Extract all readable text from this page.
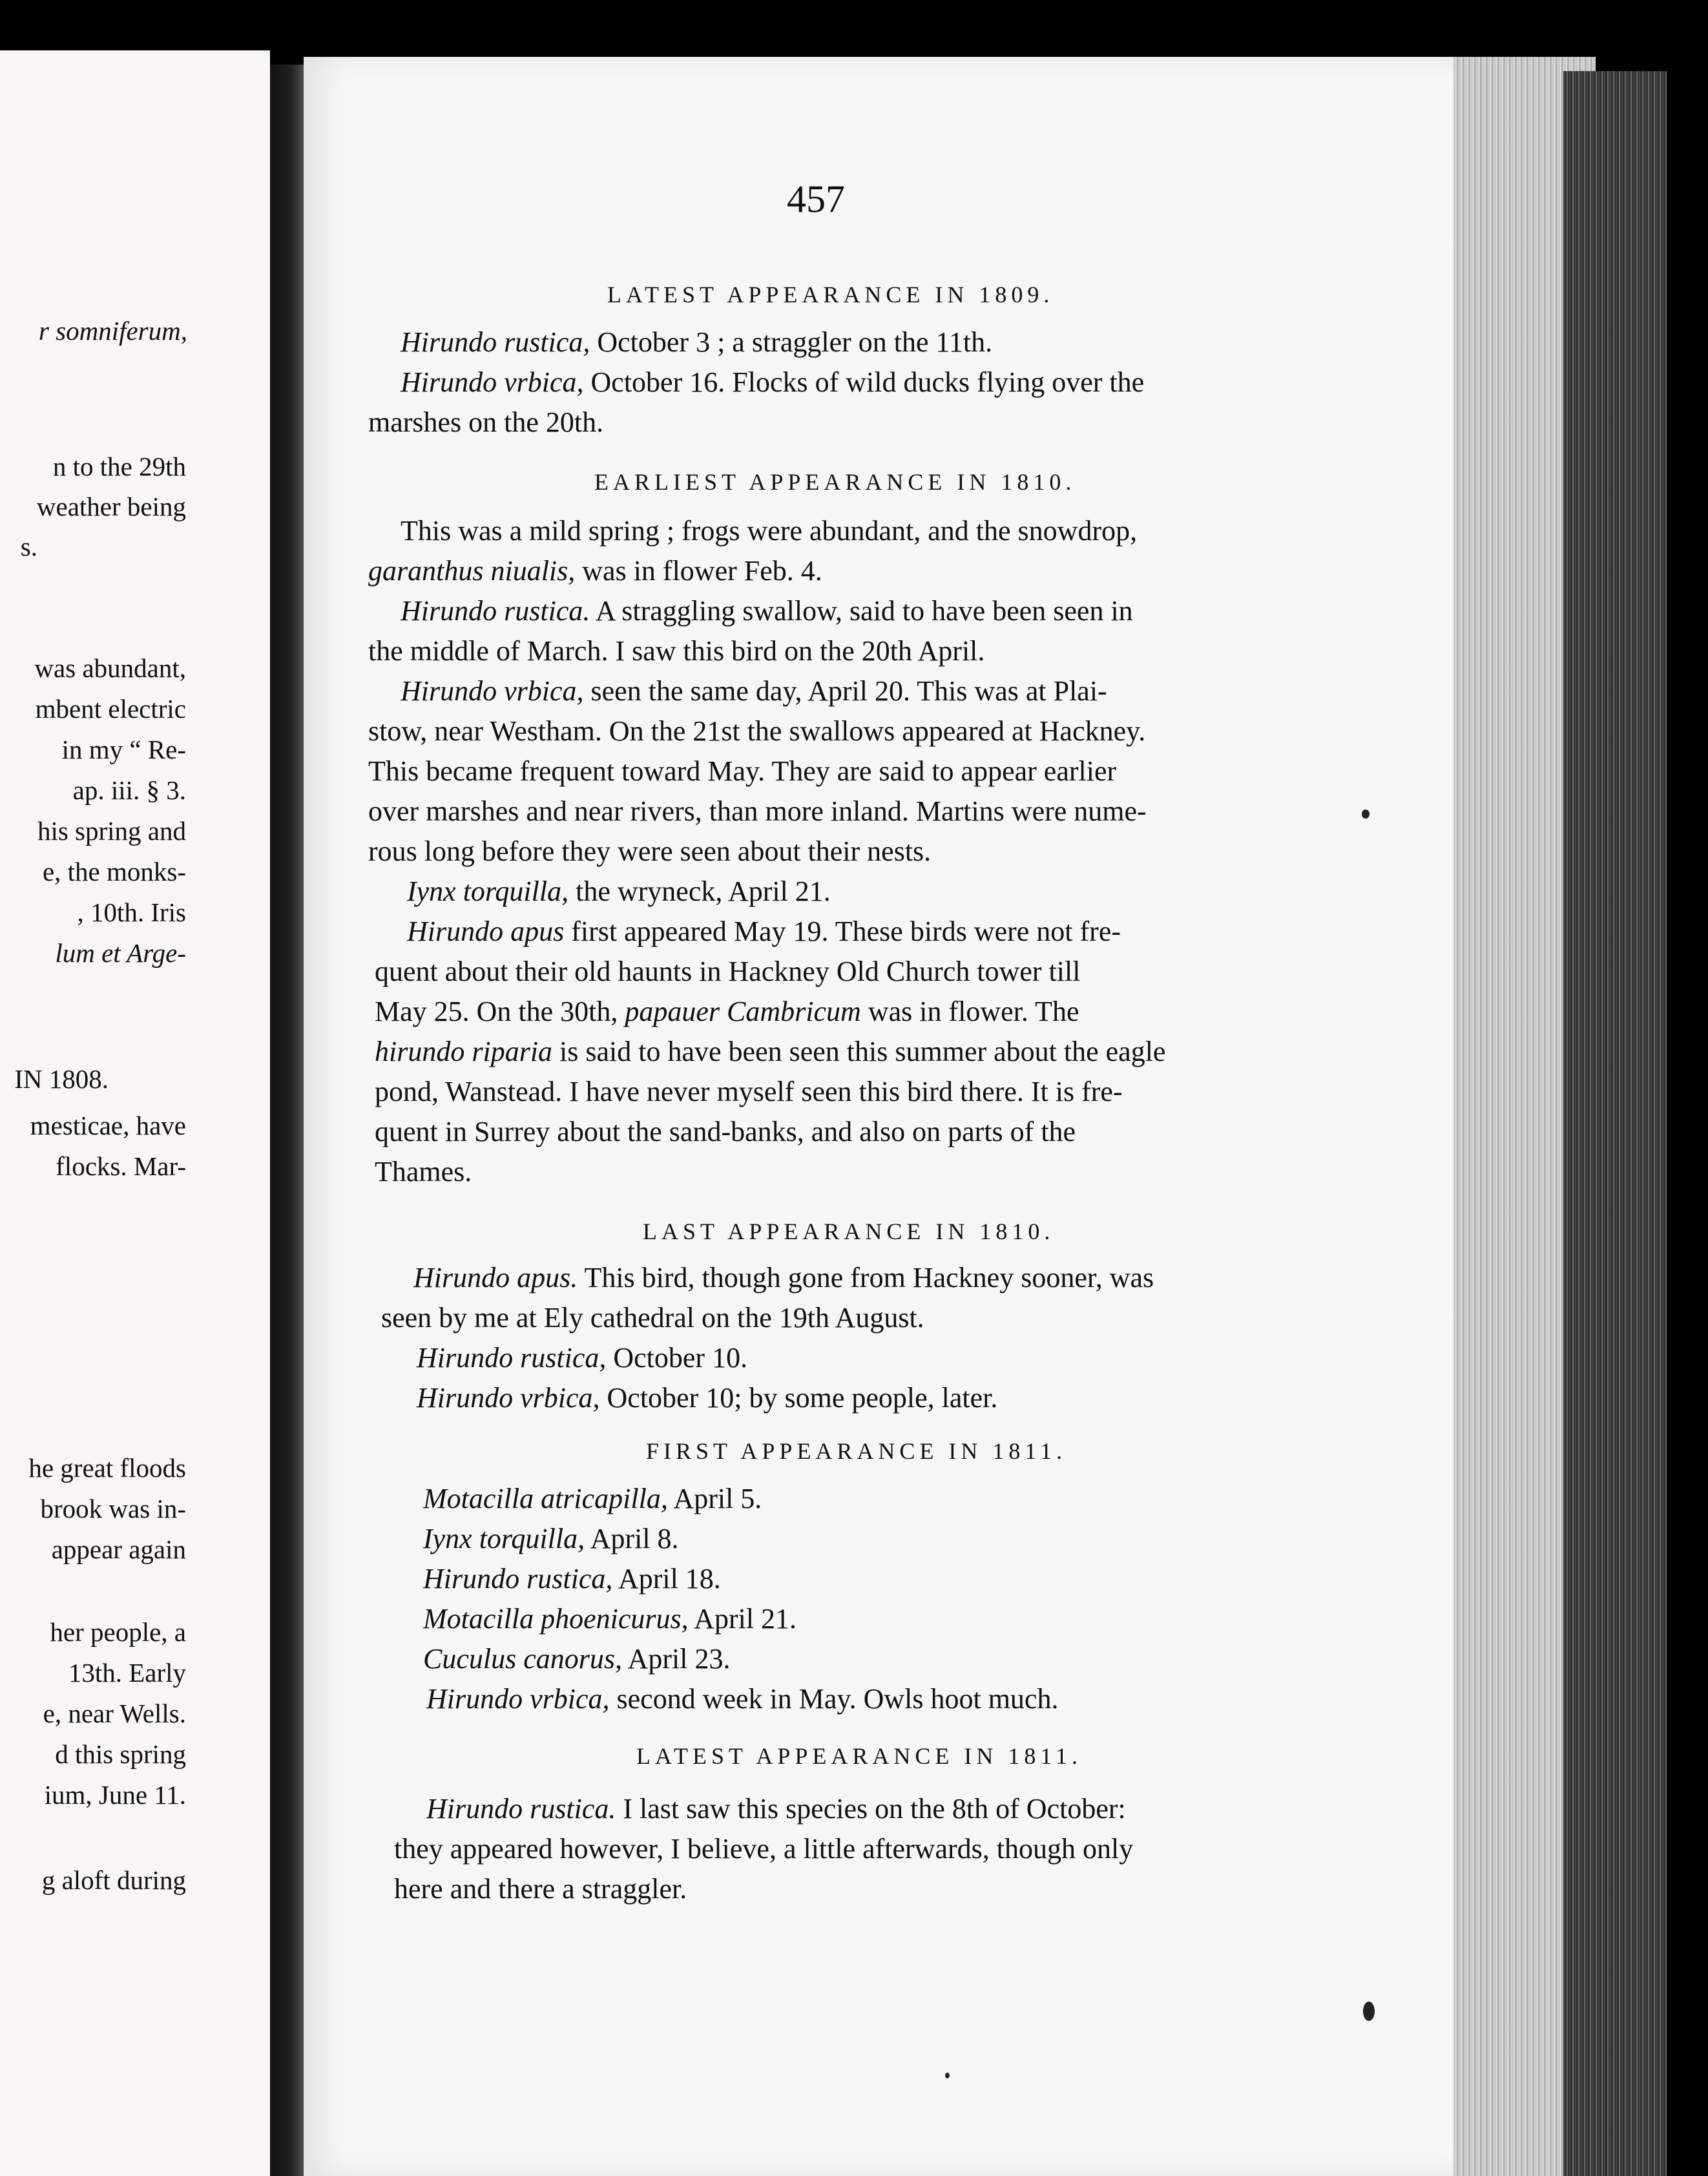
r somniferum,
n to the 29th
weather being
s.
was abundant,
mbent electric
in my “ Re-
ap. iii. § 3.
his spring and
e, the monks-
, 10th. Iris
lum et Arge-
IN 1808.
mesticae, have
flocks. Mar-
he great floods
brook was in-
appear again
her people, a
13th. Early
e, near Wells.
d this spring
ium, June 11.
g aloft during
457
LATEST APPEARANCE IN 1809.
Hirundo rustica, October 3 ; a straggler on the 11th.
Hirundo vrbica, October 16. Flocks of wild ducks flying over the
marshes on the 20th.
EARLIEST APPEARANCE IN 1810.
This was a mild spring ; frogs were abundant, and the snowdrop,
garanthus niualis, was in flower Feb. 4.
Hirundo rustica. A straggling swallow, said to have been seen in
the middle of March. I saw this bird on the 20th April.
Hirundo vrbica, seen the same day, April 20. This was at Plai-
stow, near Westham. On the 21st the swallows appeared at Hackney.
This became frequent toward May. They are said to appear earlier
over marshes and near rivers, than more inland. Martins were nume-
rous long before they were seen about their nests.
Iynx torquilla, the wryneck, April 21.
Hirundo apus first appeared May 19. These birds were not fre-
quent about their old haunts in Hackney Old Church tower till
May 25. On the 30th, papauer Cambricum was in flower. The
hirundo riparia is said to have been seen this summer about the eagle
pond, Wanstead. I have never myself seen this bird there. It is fre-
quent in Surrey about the sand-banks, and also on parts of the
Thames.
LAST APPEARANCE IN 1810.
Hirundo apus. This bird, though gone from Hackney sooner, was
seen by me at Ely cathedral on the 19th August.
Hirundo rustica, October 10.
Hirundo vrbica, October 10; by some people, later.
FIRST APPEARANCE IN 1811.
Motacilla atricapilla, April 5.
Iynx torquilla, April 8.
Hirundo rustica, April 18.
Motacilla phoenicurus, April 21.
Cuculus canorus, April 23.
Hirundo vrbica, second week in May. Owls hoot much.
LATEST APPEARANCE IN 1811.
Hirundo rustica. I last saw this species on the 8th of October:
they appeared however, I believe, a little afterwards, though only
here and there a straggler.
